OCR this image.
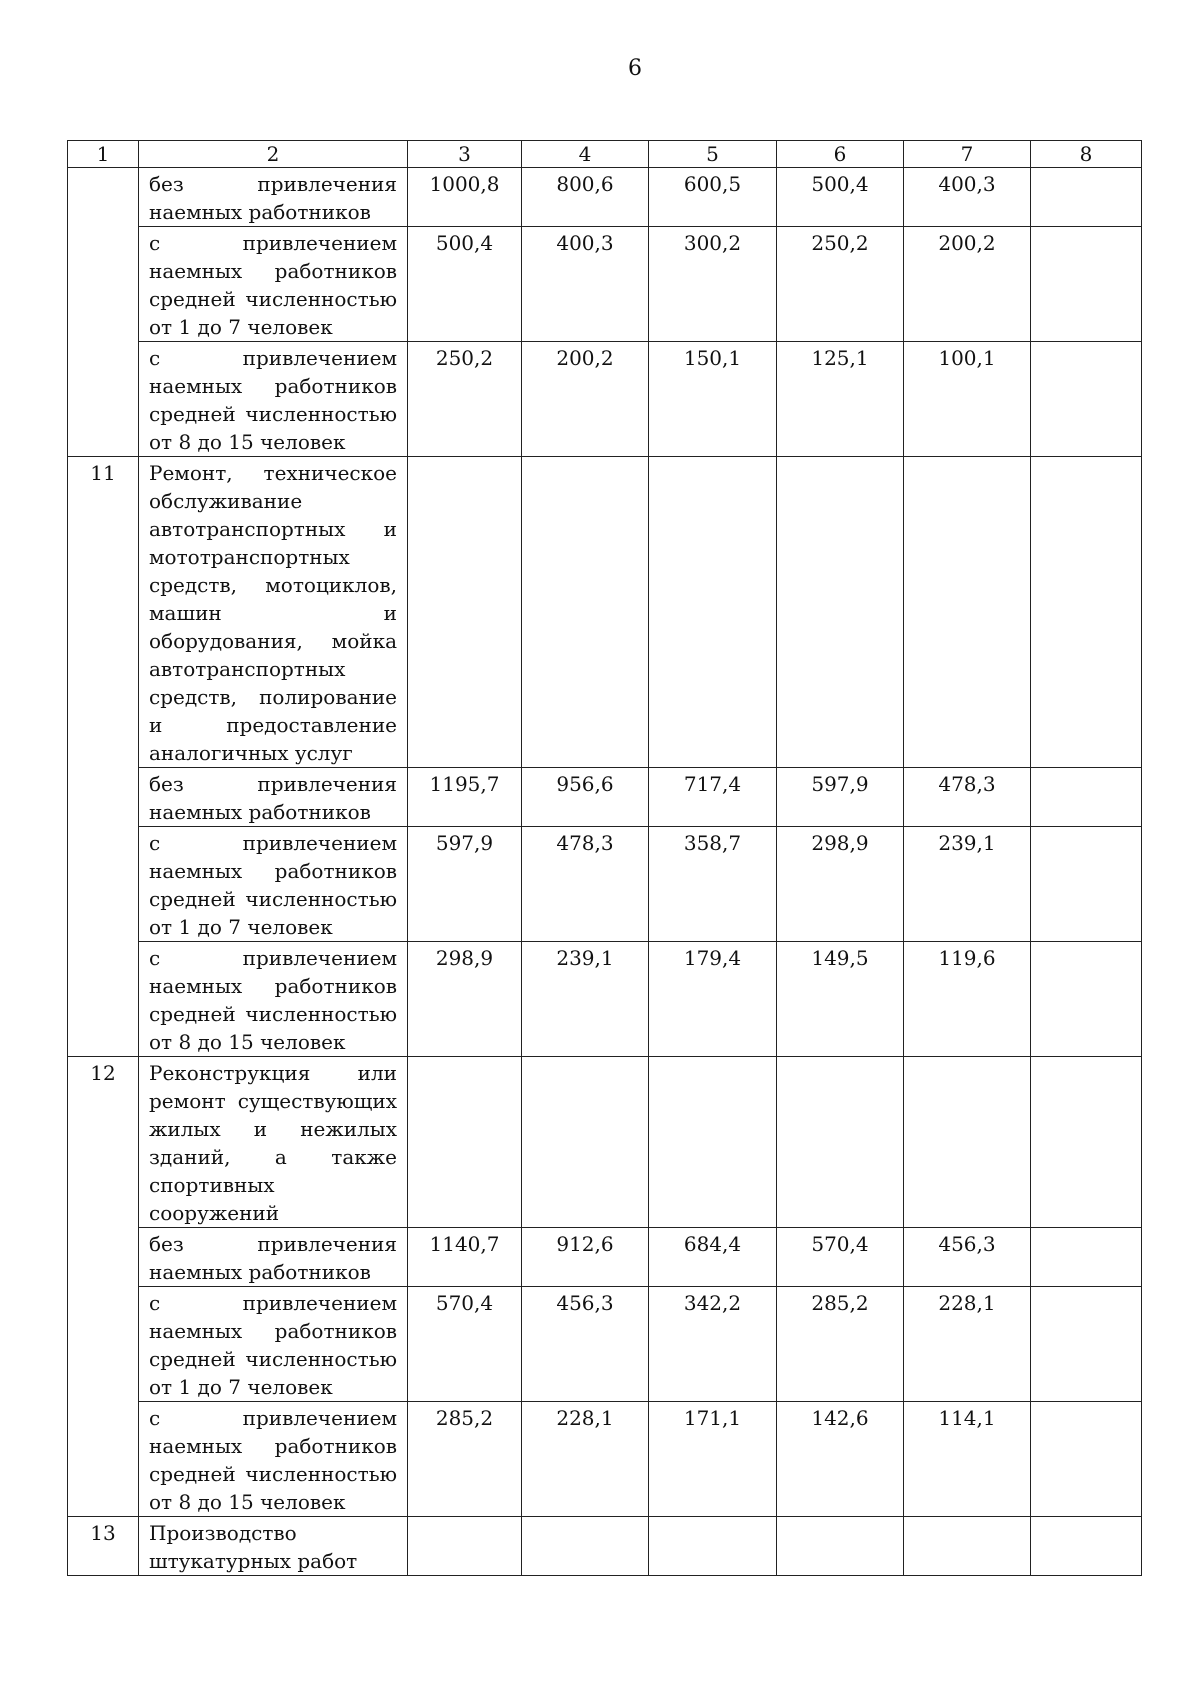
6
1	2	3	4	5	6	7	8
	без привлечения наемных работников	1000,8	800,6	600,5	500,4	400,3	
	с привлечением наемных работников средней численностью от 1 до 7 человек	500,4	400,3	300,2	250,2	200,2	
	с привлечением наемных работников средней численностью от 8 до 15 человек	250,2	200,2	150,1	125,1	100,1	
11	Ремонт, техническое обслуживание автотранспортных и мототранспортных средств, мотоциклов, машин и оборудования, мойка автотранспортных средств, полирование и предоставление аналогичных услуг						
	без привлечения наемных работников	1195,7	956,6	717,4	597,9	478,3	
	с привлечением наемных работников средней численностью от 1 до 7 человек	597,9	478,3	358,7	298,9	239,1	
	с привлечением наемных работников средней численностью от 8 до 15 человек	298,9	239,1	179,4	149,5	119,6	
12	Реконструкция или ремонт существующих жилых и нежилых зданий, а также спортивных сооружений						
	без привлечения наемных работников	1140,7	912,6	684,4	570,4	456,3	
	с привлечением наемных работников средней численностью от 1 до 7 человек	570,4	456,3	342,2	285,2	228,1	
	с привлечением наемных работников средней численностью от 8 до 15 человек	285,2	228,1	171,1	142,6	114,1	
13	Производство штукатурных работ						
